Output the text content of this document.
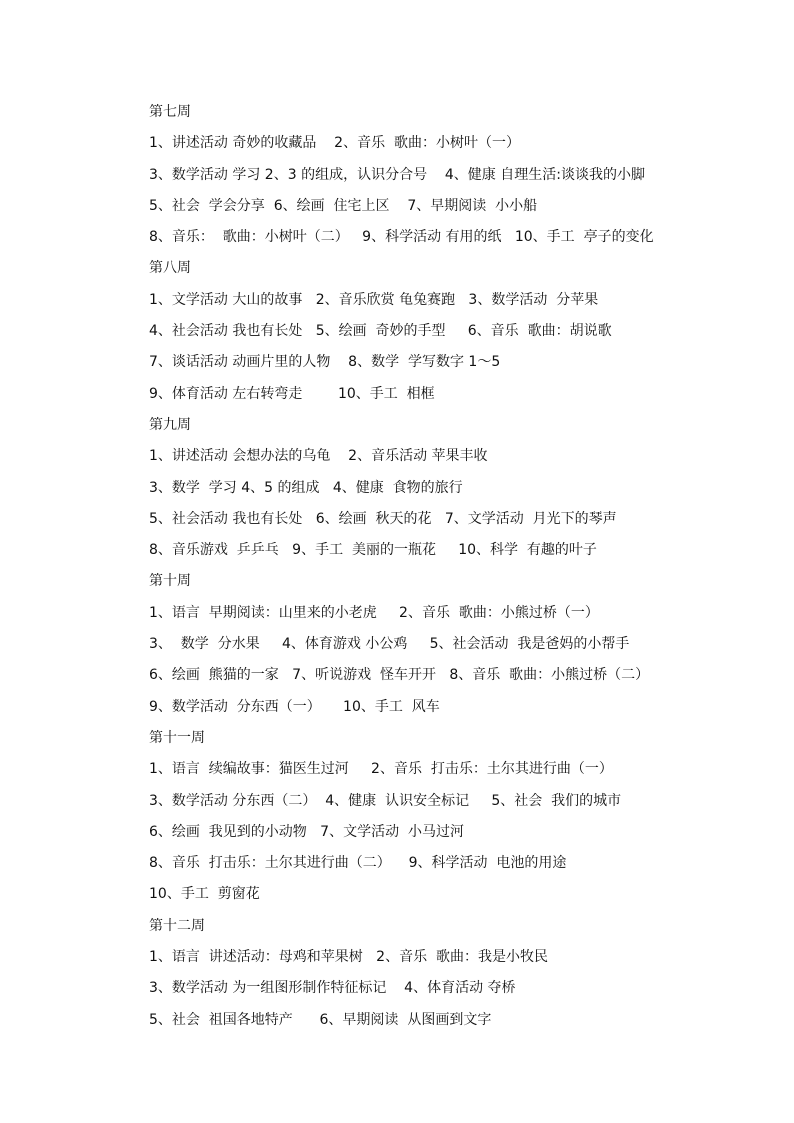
第七周
1、讲述活动 奇妙的收藏品    2、音乐  歌曲：小树叶（一）
3、数学活动 学习 2、3 的组成，认识分合号    4、健康 自理生活:谈谈我的小脚
5、社会  学会分享  6、绘画  住宅上区    7、早期阅读  小小船
8、音乐：  歌曲：小树叶（二）   9、科学活动 有用的纸   10、手工  亭子的变化
第八周
1、文学活动 大山的故事   2、音乐欣赏 龟兔赛跑   3、数学活动  分苹果
4、社会活动 我也有长处   5、绘画  奇妙的手型     6、音乐  歌曲：胡说歌
7、谈话活动 动画片里的人物    8、数学  学写数字 1～5
9、体育活动 左右转弯走        10、手工  相框
第九周
1、讲述活动 会想办法的乌龟    2、音乐活动 苹果丰收
3、数学  学习 4、5 的组成   4、健康  食物的旅行
5、社会活动 我也有长处   6、绘画  秋天的花   7、文学活动  月光下的琴声
8、音乐游戏  乒乒乓   9、手工  美丽的一瓶花     10、科学  有趣的叶子
第十周
1、语言  早期阅读：山里来的小老虎     2、音乐  歌曲：小熊过桥（一）
3、  数学  分水果     4、体育游戏 小公鸡     5、社会活动  我是爸妈的小帮手
6、绘画  熊猫的一家   7、听说游戏  怪车开开   8、音乐  歌曲：小熊过桥（二）
9、数学活动  分东西（一）     10、手工  风车
第十一周
1、语言  续编故事：猫医生过河     2、音乐  打击乐：土尔其进行曲（一）
3、数学活动 分东西（二）  4、健康  认识安全标记     5、社会  我们的城市
6、绘画  我见到的小动物   7、文学活动  小马过河
8、音乐  打击乐：土尔其进行曲（二）    9、科学活动  电池的用途
10、手工  剪窗花
第十二周
1、语言  讲述活动：母鸡和苹果树   2、音乐  歌曲：我是小牧民
3、数学活动 为一组图形制作特征标记    4、体育活动 夺桥
5、社会  祖国各地特产      6、早期阅读  从图画到文字
